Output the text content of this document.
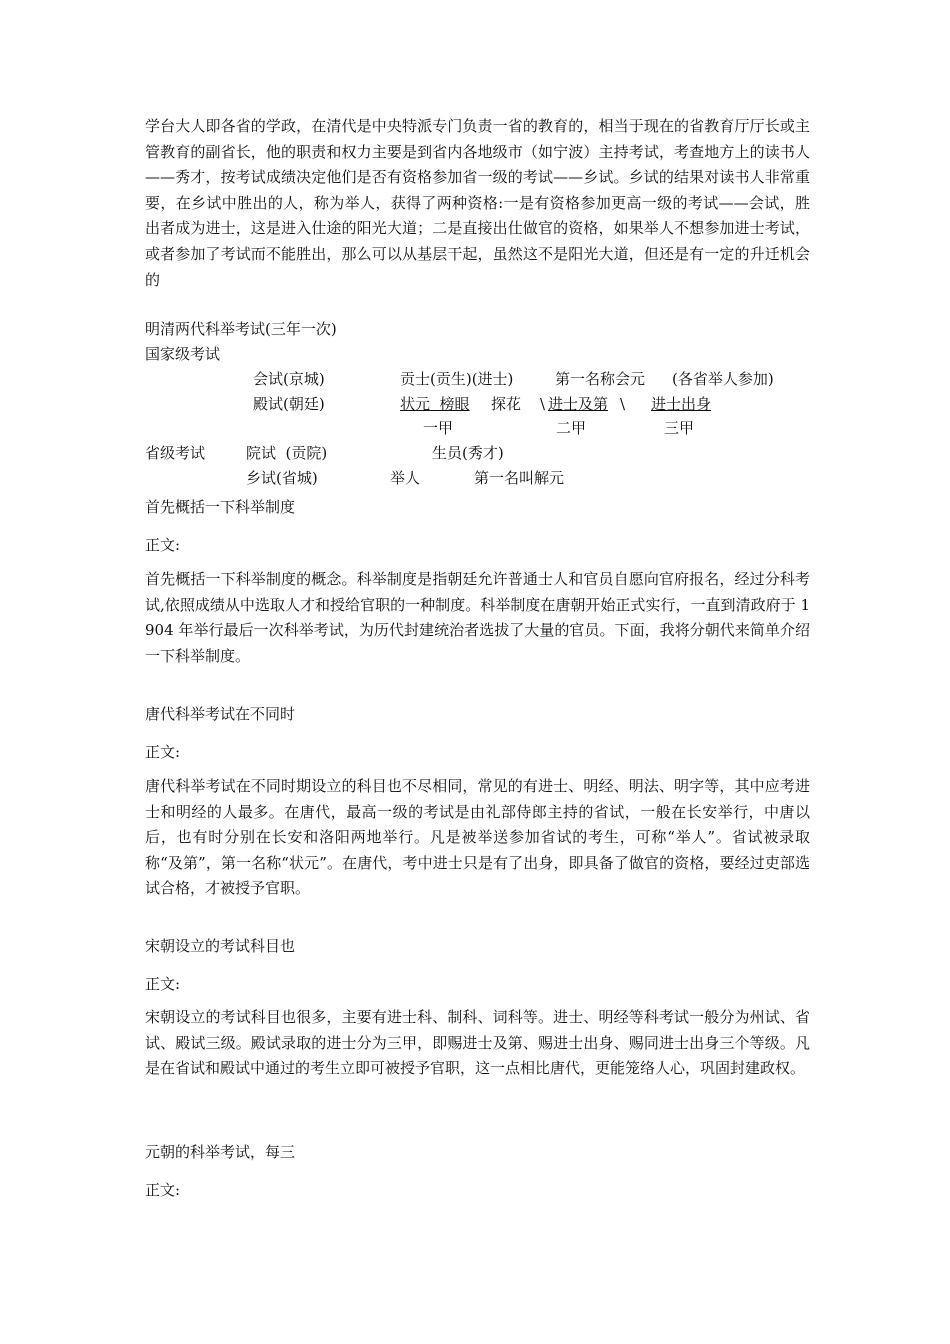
学台大人即各省的学政，在清代是中央特派专门负责一省的教育的，相当于现在的省教育厅厅长或主管教育的副省长，他的职责和权力主要是到省内各地级市（如宁波）主持考试，考查地方上的读书人——秀才，按考试成绩决定他们是否有资格参加省一级的考试——乡试。乡试的结果对读书人非常重要，在乡试中胜出的人，称为举人，获得了两种资格:一是有资格参加更高一级的考试——会试，胜出者成为进士，这是进入仕途的阳光大道；二是直接出仕做官的资格，如果举人不想参加进士考试，或者参加了考试而不能胜出，那么可以从基层干起，虽然这不是阳光大道，但还是有一定的升迁机会的

明清两代科举考试(三年一次)

国家级考试

会试(京城)	贡士(贡生)(进士)	第一名称会元 (各省举人参加)

殿试(朝廷)	状元  榜眼 探花 \ 进士及第 \ 进士出身

一甲	二甲	三甲

省级考试	院试  (贡院)	生员(秀才)

乡试(省城)	举人	第一名叫解元

首先概括一下科举制度

正文:

首先概括一下科举制度的概念。科举制度是指朝廷允许普通士人和官员自愿向官府报名，经过分科考试,依照成绩从中选取人才和授给官职的一种制度。科举制度在唐朝开始正式实行，一直到清政府于 1904 年举行最后一次科举考试，为历代封建统治者选拔了大量的官员。下面，我将分朝代来简单介绍一下科举制度。

唐代科举考试在不同时

正文:

唐代科举考试在不同时期设立的科目也不尽相同，常见的有进士、明经、明法、明字等，其中应考进士和明经的人最多。在唐代，最高一级的考试是由礼部侍郎主持的省试，一般在长安举行，中唐以后，也有时分别在长安和洛阳两地举行。凡是被举送参加省试的考生，可称“举人”。省试被录取称“及第”，第一名称“状元”。在唐代，考中进士只是有了出身，即具备了做官的资格，要经过吏部选试合格，才被授予官职。

宋朝设立的考试科目也

正文:

宋朝设立的考试科目也很多，主要有进士科、制科、词科等。进士、明经等科考试一般分为州试、省试、殿试三级。殿试录取的进士分为三甲，即赐进士及第、赐进士出身、赐同进士出身三个等级。凡是在省试和殿试中通过的考生立即可被授予官职，这一点相比唐代，更能笼络人心，巩固封建政权。

元朝的科举考试，每三

正文:
